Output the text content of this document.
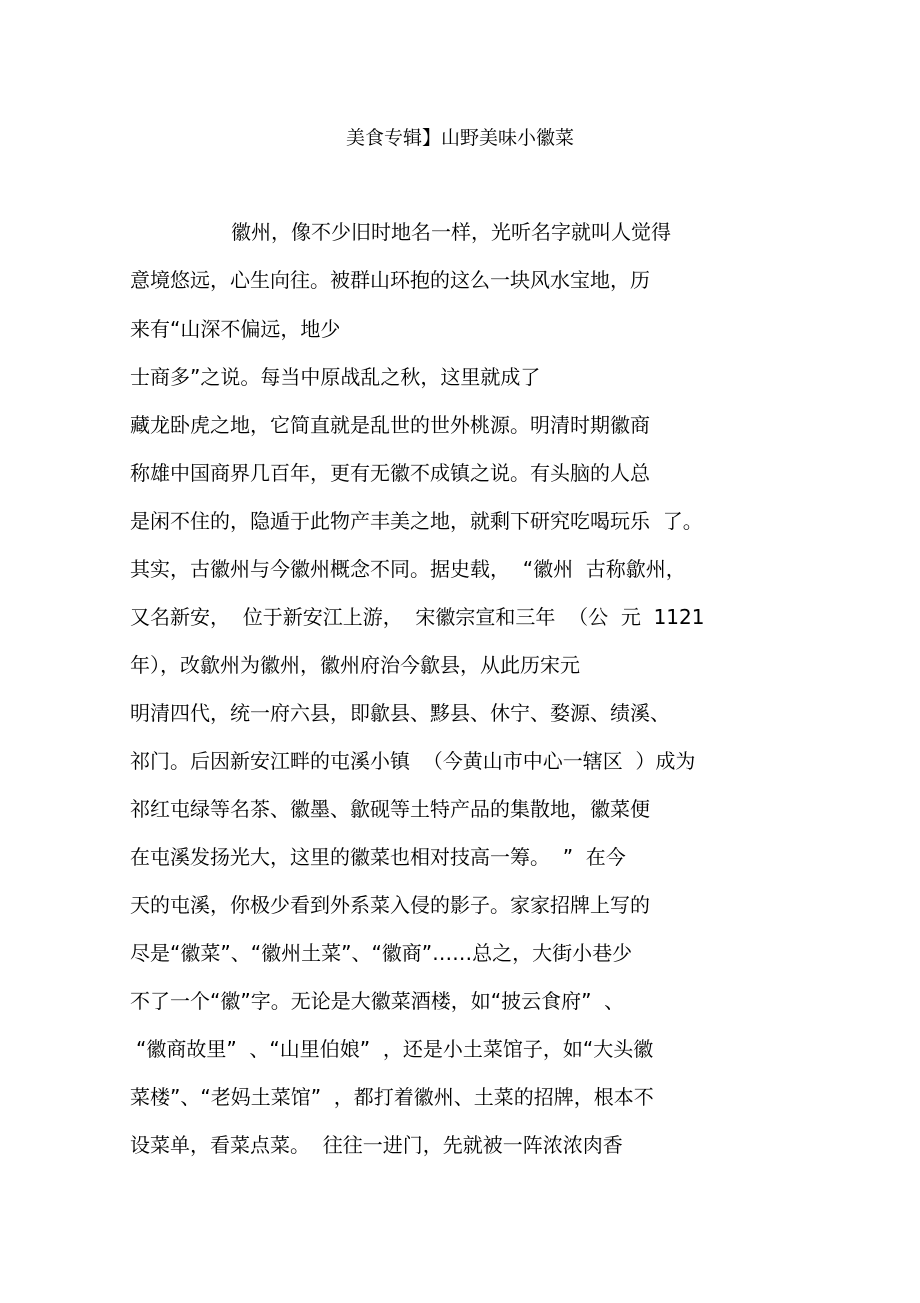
美食专辑】山野美味小徽菜
徽州，像不少旧时地名一样，光听名字就叫人觉得
意境悠远，心生向往。被群山环抱的这么一块风水宝地，历
来有“山深不偏远，地少
士商多”之说。每当中原战乱之秋，这里就成了
藏龙卧虎之地，它简直就是乱世的世外桃源。明清时期徽商
称雄中国商界几百年，更有无徽不成镇之说。有头脑的人总
是闲不住的，隐遁于此物产丰美之地，就剩下研究吃喝玩乐  了。
其实，古徽州与今徽州概念不同。据史载，  “徽州  古称歙州，
又名新安，  位于新安江上游，  宋徽宗宣和三年  （公  元  1121
年），改歙州为徽州，徽州府治今歙县，从此历宋元
明清四代，统一府六县，即歙县、黟县、休宁、婺源、绩溪、
祁门。后因新安江畔的屯溪小镇  （今黄山市中心一辖区  ）成为
祁红屯绿等名茶、徽墨、歙砚等土特产品的集散地，徽菜便
在屯溪发扬光大，这里的徽菜也相对技高一筹。  ”  在今
天的屯溪，你极少看到外系菜入侵的影子。家家招牌上写的
尽是“徽菜”、“徽州土菜”、“徽商”……总之，大街小巷少
不了一个“徽”字。无论是大徽菜酒楼，如“披云食府”  、
“徽商故里”  、“山里伯娘”  ，还是小土菜馆子，如“大头徽
菜楼”、“老妈土菜馆”  ，都打着徽州、土菜的招牌，根本不
设菜单，看菜点菜。  往往一进门，先就被一阵浓浓肉香
